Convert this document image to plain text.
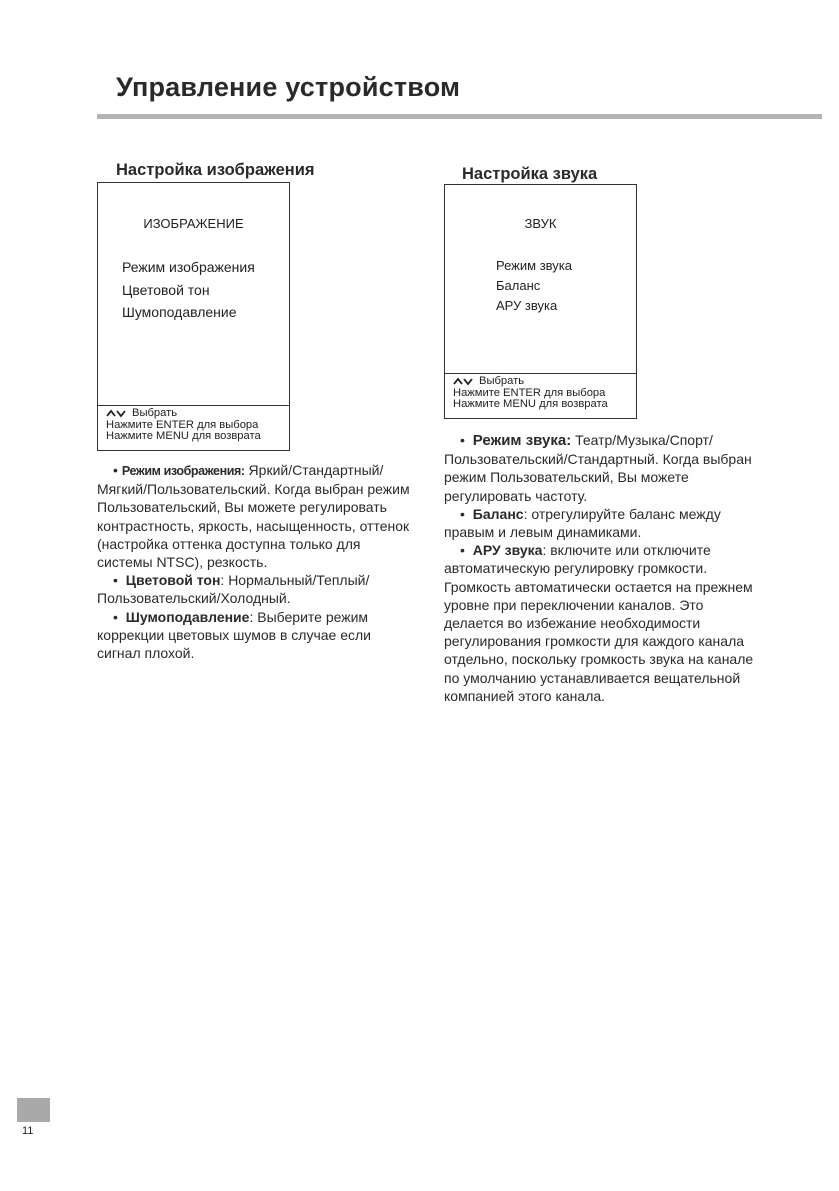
Управление устройством
Настройка изображения
ИЗОБРАЖЕНИЕ
Режим изображения
Цветовой тон
Шумоподавление
Выбрать
Нажмите ENTER для выбора
Нажмите MENU для возврата

• Режим изображения: Яркий/Стандартный/Мягкий/Пользовательский. Когда выбран режим Пользовательский, Вы можете регулировать контрастность, яркость, насыщенность, оттенок (настройка оттенка доступна только для системы NTSC), резкость.

• Цветовой тон: Нормальный/Теплый/Пользовательский/Холодный.

• Шумоподавление: Выберите режим коррекции цветовых шумов в случае если сигнал плохой.

Настройка звука
ЗВУК
Режим звука
Баланс
АРУ звука
Выбрать
Нажмите ENTER для выбора
Нажмите MENU для возврата

• Режим звука: Театр/Музыка/Спорт/Пользовательский/Стандартный. Когда выбран режим Пользовательский, Вы можете регулировать частоту.

• Баланс: отрегулируйте баланс между правым и левым динамиками.

• АРУ звука: включите или отключите автоматическую регулировку громкости. Громкость автоматически остается на прежнем уровне при переключении каналов. Это делается во избежание необходимости регулирования громкости для каждого канала отдельно, поскольку громкость звука на канале по умолчанию устанавливается вещательной компанией этого канала.

11
